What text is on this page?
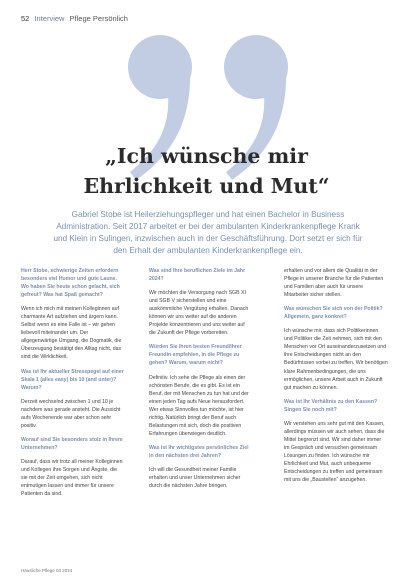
52 Interview Pflege Persönlich
„Ich wünsche mir
Ehrlichkeit und Mut“

Gabriel Stobe ist Heilerziehungspfleger und hat einen Bachelor in Business

Administration. Seit 2017 arbeitet er bei der ambulanten Kinderkrankenpflege Krank

und Klein in Sulingen, inzwischen auch in der Geschäftsführung. Dort setzt er sich für

den Erhalt der ambulanten Kinderkrankenpflege ein.

Herr Stobe, schwierige Zeiten erfordern besonders viel Humor und gute Laune. Wo haben Sie heute schon gelacht, sich gefreut? Was hat Spaß gemacht?

Wenn ich mich mit meinen Kolleginnen auf charmante Art aufziehen und ärgern kann. Selbst wenn es eine Falle ist – wir gehen liebevoll miteinander um. Der allgegenwärtige Umgang, die Dogmatik, die Überzeugung bestätigt den Alltag nicht, das sind die Wirklichkeit.

Was ist Ihr aktueller Stresspegel auf einer Skala 1 (alles easy) bis 10 (and unter)? Warum?

Derzeit wechselnd zwischen 1 und 10 je nachdem was gerade ansteht. Die Aussicht aufs Wochenende war aber schon sehr positiv.

Worauf sind Sie besonders stolz in Ihrem Unternehmen?

Darauf, dass wir trotz all meiner Kolleginnen und Kollegen ihre Sorgen und Ängste, die sie mit der Zeit umgehen, sich nicht entmutigen lassen und immer für unsere Patienten da sind.

Was sind Ihre beruflichen Ziele im Jahr 2024?

Wir möchten die Versorgung nach SGB XI und SGB V sicherstellen und eine auskömmliche Vergütung erhalten. Danach können wir uns weiter auf die anderen Projekte konzentrieren und uns weiter auf die Zukunft der Pflege vorbereiten.

Würden Sie Ihren besten Freund/Ihrer Freundin empfehlen, in die Pflege zu gehen? Warum, warum nicht?

Definitiv. Ich sehe die Pflege als einen der schönsten Berufe, die es gibt. Es ist ein Beruf, der mit Menschen zu tun hat und der einen jeden Tag aufs Neue herausfordert. Wer etwas Sinnvolles tun möchte, ist hier richtig. Natürlich bringt der Beruf auch Belastungen mit sich, doch die positiven Erfahrungen überwiegen deutlich.

Was ist Ihr wichtigstes persönliches Ziel in den nächsten drei Jahren?

Ich will die Gesundheit meiner Familie erhalten und unser Unternehmen sicher durch die nächsten Jahre bringen.

erhalten und vor allem die Qualität in der Pflege in unserer Branche für die Patienten und Familien aber auch für unsere Mitarbeiter sicher stellen.

Was wünschen Sie sich von der Politik? Allgemein, ganz konkret?

Ich wünsche mir, dass sich Politikerinnen und Politiker die Zeit nehmen, sich mit den Menschen vor Ort auseinanderzusetzen und ihre Entscheidungen nicht an den Bedürfnissen vorbei zu treffen. Wir benötigen klare Rahmenbedingungen, die uns ermöglichen, unsere Arbeit auch in Zukunft gut machen zu können.

Was ist Ihr Verhältnis zu den Kassen? Singen Sie noch mit?

Wir verstehen uns sehr gut mit den Kassen, allerdings müssen wir auch sehen, dass die Mittel begrenzt sind. Wir sind daher immer im Gespräch und versuchen gemeinsam Lösungen zu finden. Ich wünsche mir Ehrlichkeit und Mut, auch unbequeme Entscheidungen zu treffen und gemeinsam mit uns die „Baustellen“ anzugehen.

Häusliche Pflege 03 2024
